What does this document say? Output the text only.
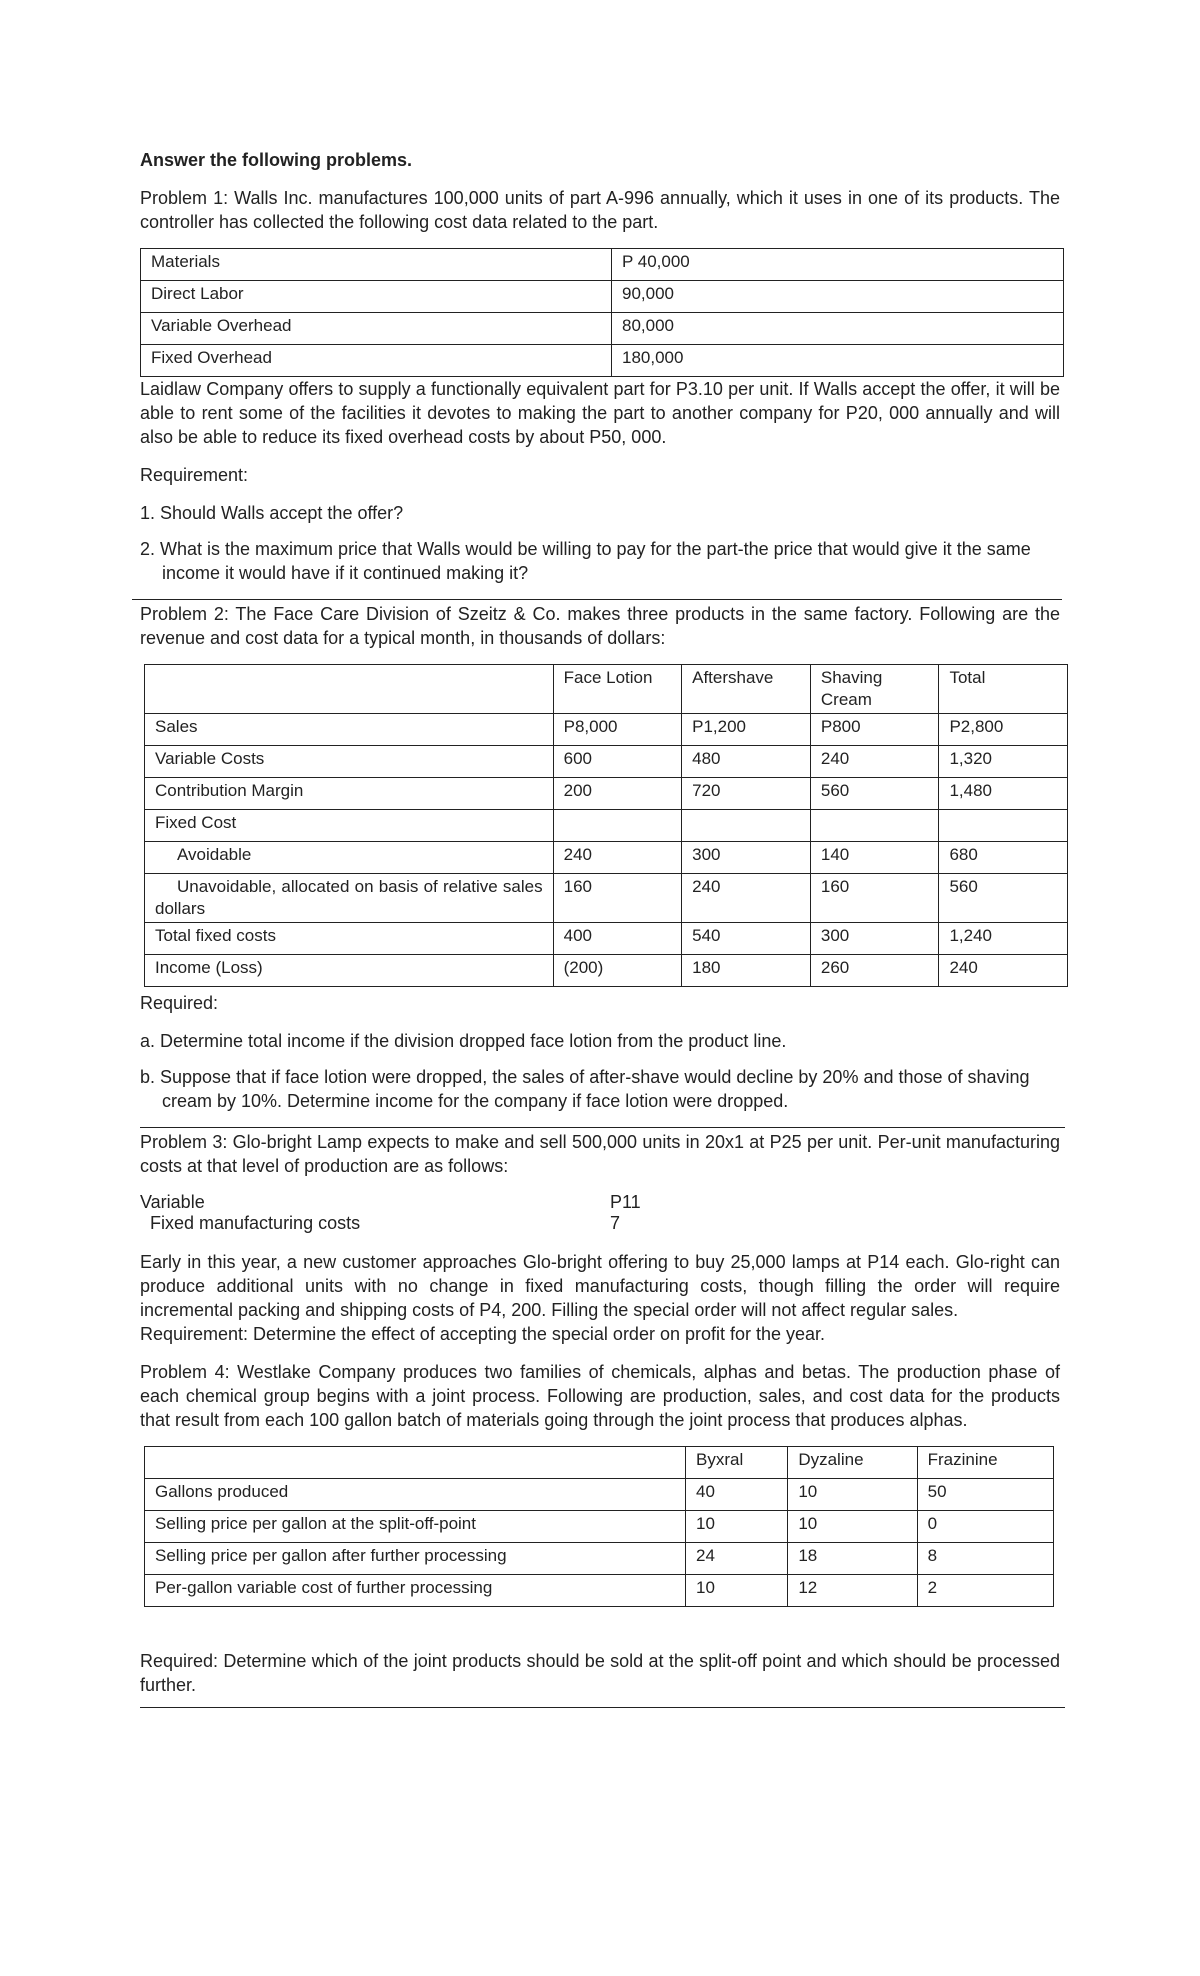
Answer the following problems.

Problem 1: Walls Inc. manufactures 100,000 units of part A-996 annually, which it uses in one of its products. The controller has collected the following cost data related to the part.

Materials	P 40,000
Direct Labor	90,000
Variable Overhead	80,000
Fixed Overhead	180,000

Laidlaw Company offers to supply a functionally equivalent part for P3.10 per unit. If Walls accept the offer, it will be able to rent some of the facilities it devotes to making the part to another company for P20, 000 annually and will also be able to reduce its fixed overhead costs by about P50, 000.

Requirement:

1. Should Walls accept the offer?
2. What is the maximum price that Walls would be willing to pay for the part-the price that would give it the same income it would have if it continued making it?

Problem 2: The Face Care Division of Szeitz & Co. makes three products in the same factory. Following are the revenue and cost data for a typical month, in thousands of dollars:

	Face Lotion	Aftershave	Shaving Cream	Total
Sales	P8,000	P1,200	P800	P2,800
Variable Costs	600	480	240	1,320
Contribution Margin	200	720	560	1,480
Fixed Cost				
Avoidable	240	300	140	680
Unavoidable, allocated on basis of relative sales dollars	160	240	160	560
Total fixed costs	400	540	300	1,240
Income (Loss)	(200)	180	260	240

Required:

a. Determine total income if the division dropped face lotion from the product line.
b. Suppose that if face lotion were dropped, the sales of after-shave would decline by 20% and those of shaving cream by 10%. Determine income for the company if face lotion were dropped.

Problem 3: Glo-bright Lamp expects to make and sell 500,000 units in 20x1 at P25 per unit. Per-unit manufacturing costs at that level of production are as follows:

Variable	P11
Fixed manufacturing costs	7

Early in this year, a new customer approaches Glo-bright offering to buy 25,000 lamps at P14 each. Glo-right can produce additional units with no change in fixed manufacturing costs, though filling the order will require incremental packing and shipping costs of P4, 200. Filling the special order will not affect regular sales.

Requirement: Determine the effect of accepting the special order on profit for the year.

Problem 4: Westlake Company produces two families of chemicals, alphas and betas. The production phase of each chemical group begins with a joint process. Following are production, sales, and cost data for the products that result from each 100 gallon batch of materials going through the joint process that produces alphas.

	Byxral	Dyzaline	Frazinine
Gallons produced	40	10	50
Selling price per gallon at the split-off-point	10	10	0
Selling price per gallon after further processing	24	18	8
Per-gallon variable cost of further processing	10	12	2

Required: Determine which of the joint products should be sold at the split-off point and which should be processed further.
